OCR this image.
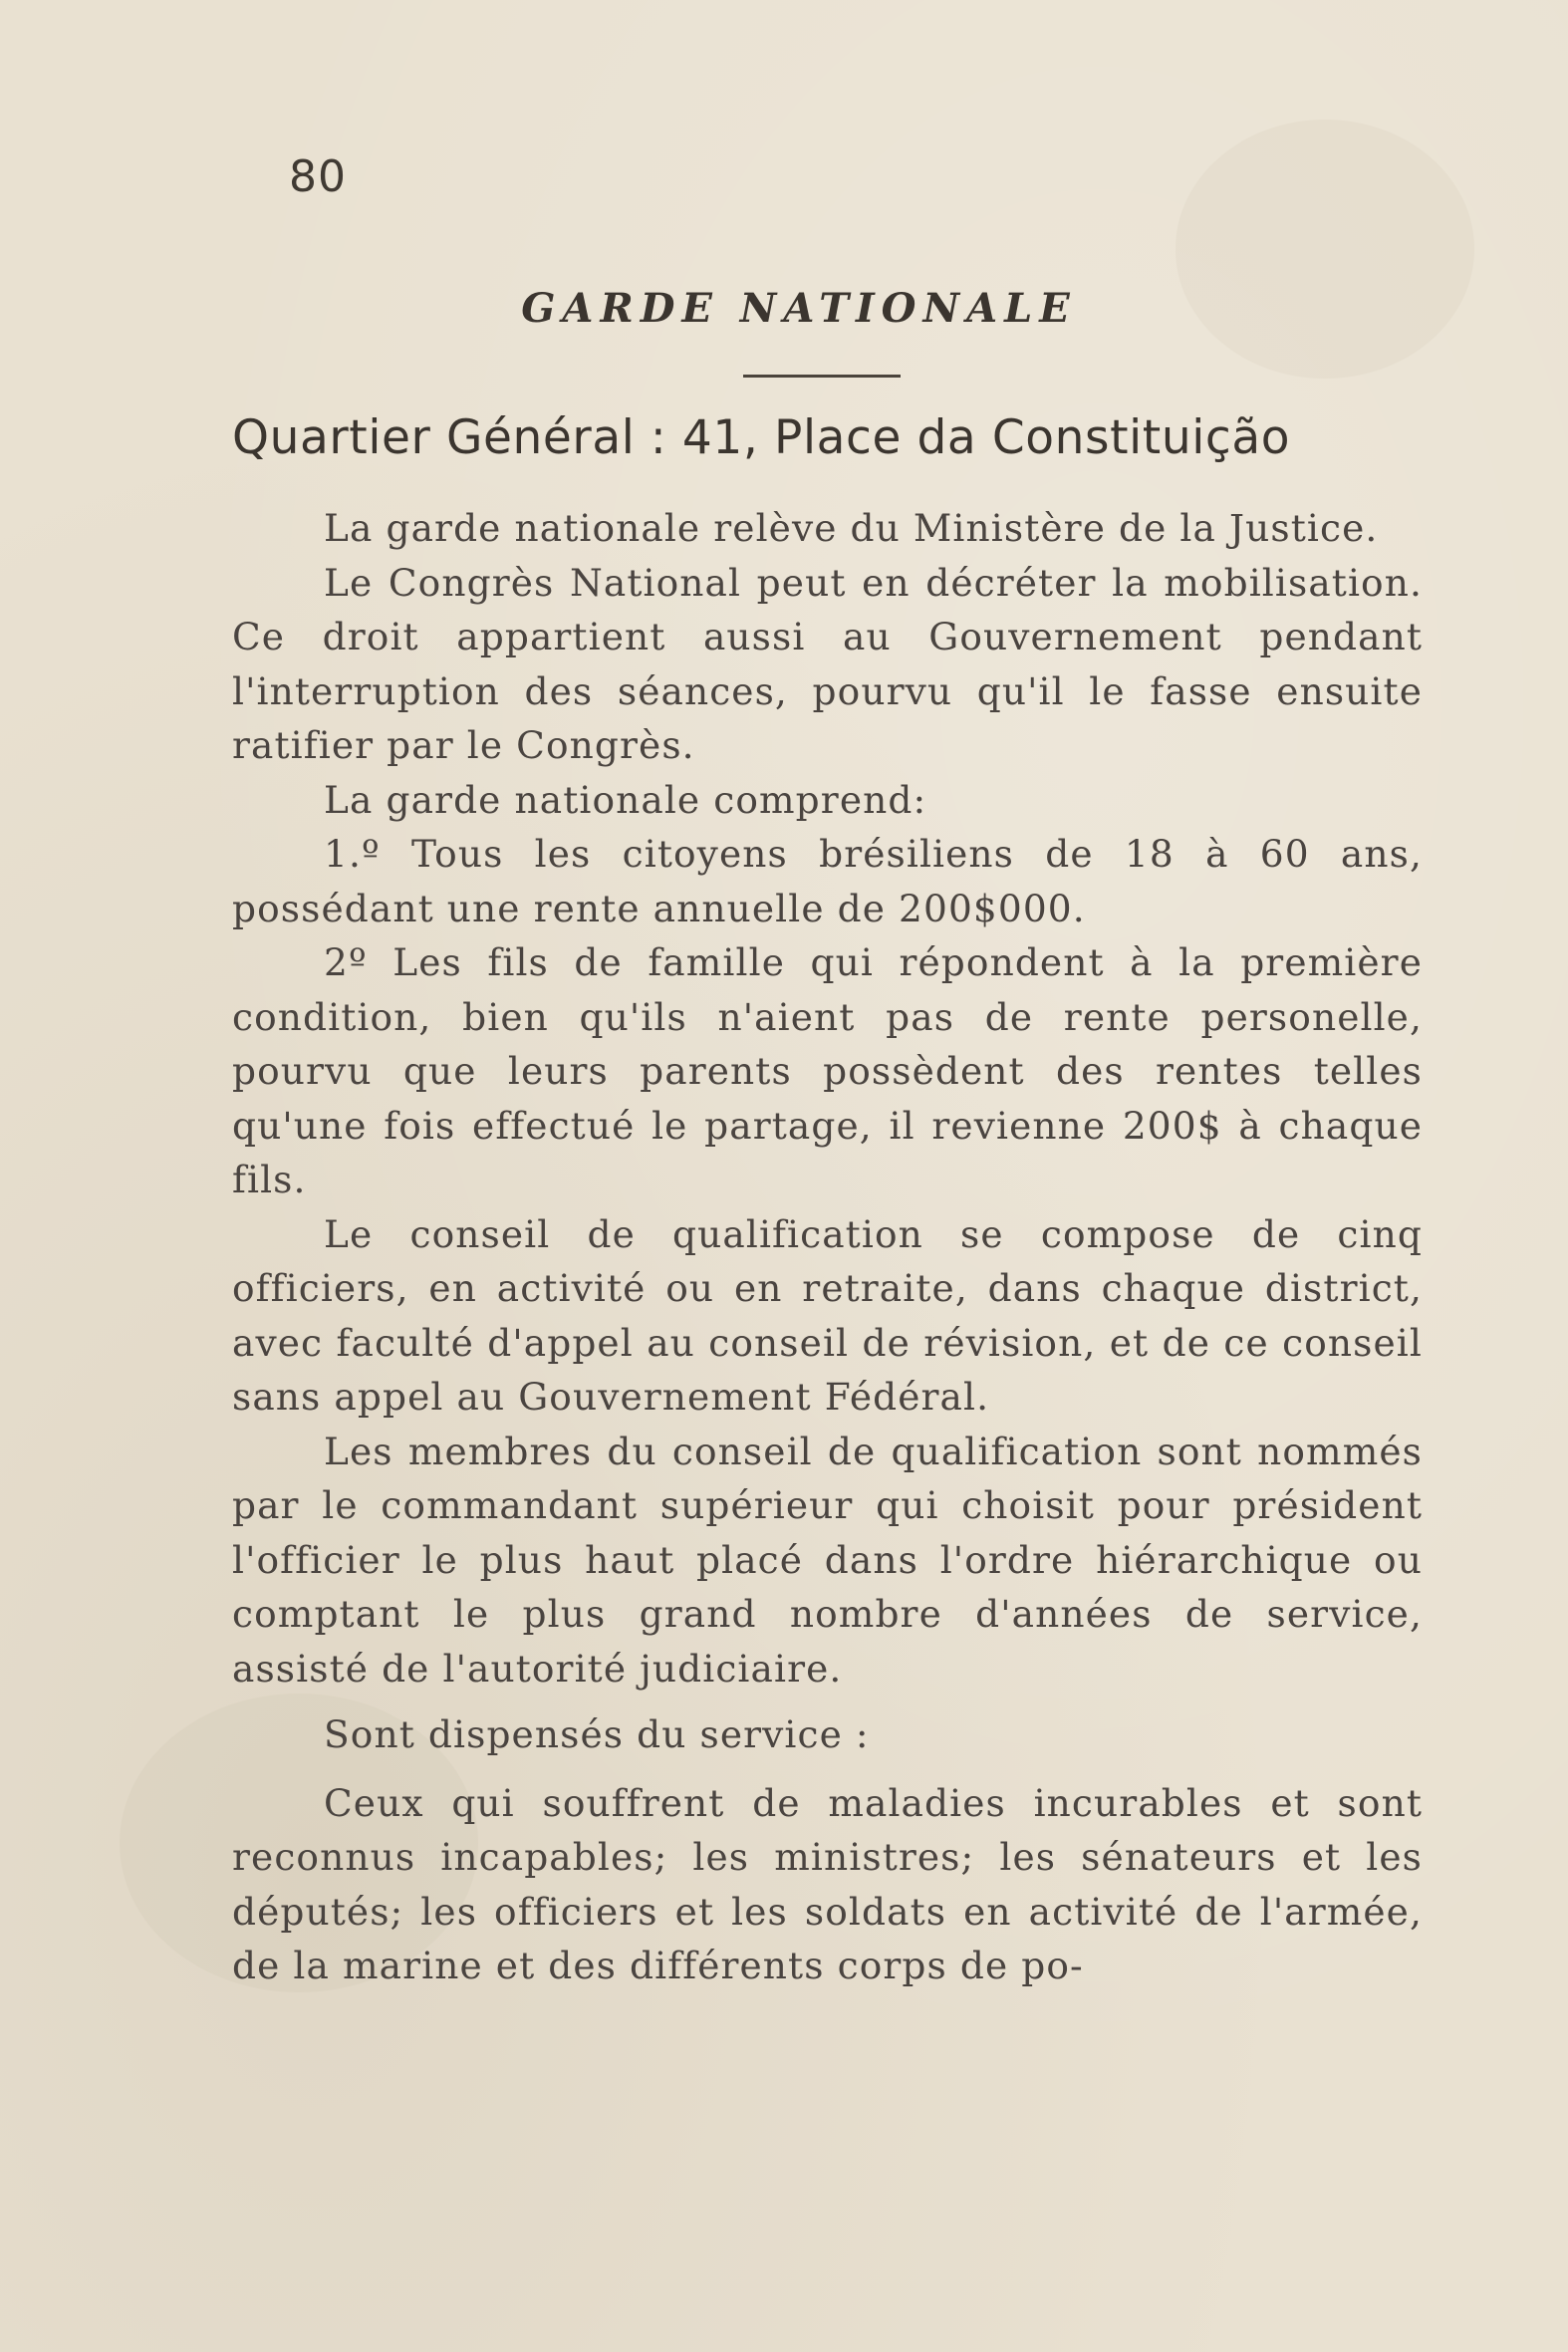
80
GARDE NATIONALE
Quartier Général : 41, Place da Constituição

La garde nationale relève du Ministère de la Justice.

Le Congrès National peut en décréter la mobilisation. Ce droit appartient aussi au Gouvernement pendant l'interruption des séances, pourvu qu'il le fasse ensuite ratifier par le Congrès.

La garde nationale comprend:

1.º Tous les citoyens brésiliens de 18 à 60 ans, possédant une rente annuelle de 200$000.

2º Les fils de famille qui répondent à la première condition, bien qu'ils n'aient pas de rente personelle, pourvu que leurs parents possèdent des rentes telles qu'une fois effectué le partage, il revienne 200$ à chaque fils.

Le conseil de qualification se compose de cinq officiers, en activité ou en retraite, dans chaque district, avec faculté d'appel au conseil de révision, et de ce conseil sans appel au Gouvernement Fédéral.

Les membres du conseil de qualification sont nommés par le commandant supérieur qui choisit pour président l'officier le plus haut placé dans l'ordre hiérarchique ou comptant le plus grand nombre d'années de service, assisté de l'autorité judiciaire.

Sont dispensés du service :

Ceux qui souffrent de maladies incurables et sont reconnus incapables; les ministres; les sénateurs et les députés; les officiers et les soldats en activité de l'armée, de la marine et des différents corps de po-
